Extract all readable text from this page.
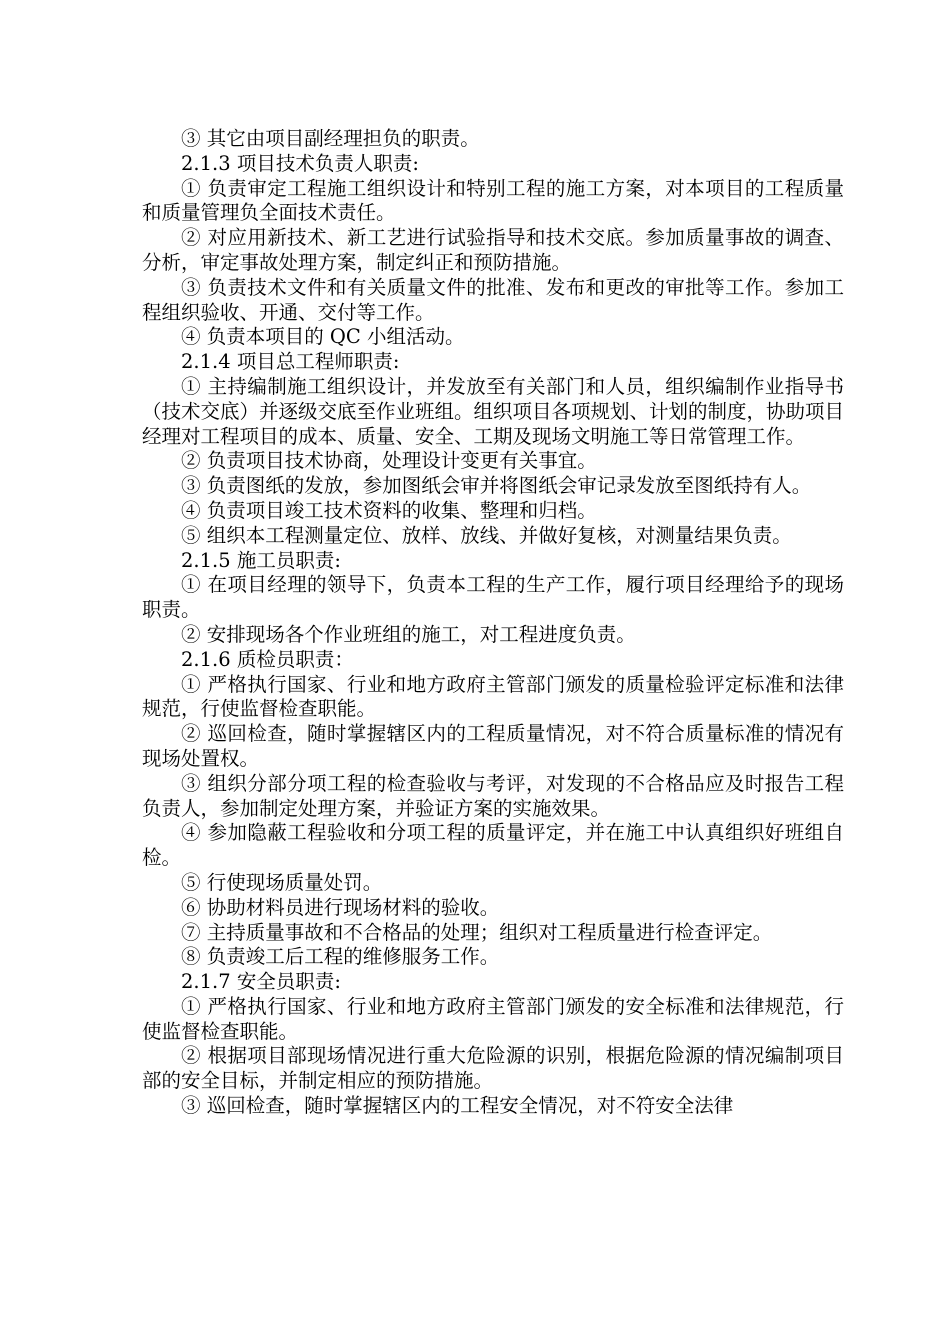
③ 其它由项目副经理担负的职责。

2.1.3 项目技术负责人职责:

① 负责审定工程施工组织设计和特别工程的施工方案，对本项目的工程质量和质量管理负全面技术责任。

② 对应用新技术、新工艺进行试验指导和技术交底。参加质量事故的调查、分析，审定事故处理方案，制定纠正和预防措施。

③ 负责技术文件和有关质量文件的批准、发布和更改的审批等工作。参加工程组织验收、开通、交付等工作。

④ 负责本项目的 QC 小组活动。

2.1.4 项目总工程师职责:

① 主持编制施工组织设计，并发放至有关部门和人员，组织编制作业指导书（技术交底）并逐级交底至作业班组。组织项目各项规划、计划的制度，协助项目经理对工程项目的成本、质量、安全、工期及现场文明施工等日常管理工作。

② 负责项目技术协商，处理设计变更有关事宜。

③ 负责图纸的发放，参加图纸会审并将图纸会审记录发放至图纸持有人。

④ 负责项目竣工技术资料的收集、整理和归档。

⑤ 组织本工程测量定位、放样、放线、并做好复核，对测量结果负责。

2.1.5 施工员职责:

① 在项目经理的领导下，负责本工程的生产工作，履行项目经理给予的现场职责。

② 安排现场各个作业班组的施工，对工程进度负责。

2.1.6 质检员职责：

① 严格执行国家、行业和地方政府主管部门颁发的质量检验评定标准和法律规范，行使监督检查职能。

② 巡回检查，随时掌握辖区内的工程质量情况，对不符合质量标准的情况有现场处置权。

③ 组织分部分项工程的检查验收与考评，对发现的不合格品应及时报告工程负责人，参加制定处理方案，并验证方案的实施效果。

④ 参加隐蔽工程验收和分项工程的质量评定，并在施工中认真组织好班组自检。

⑤ 行使现场质量处罚。

⑥ 协助材料员进行现场材料的验收。

⑦ 主持质量事故和不合格品的处理；组织对工程质量进行检查评定。

⑧ 负责竣工后工程的维修服务工作。

2.1.7 安全员职责:

① 严格执行国家、行业和地方政府主管部门颁发的安全标准和法律规范，行使监督检查职能。

② 根据项目部现场情况进行重大危险源的识别，根据危险源的情况编制项目部的安全目标，并制定相应的预防措施。

③ 巡回检查，随时掌握辖区内的工程安全情况，对不符安全法律
